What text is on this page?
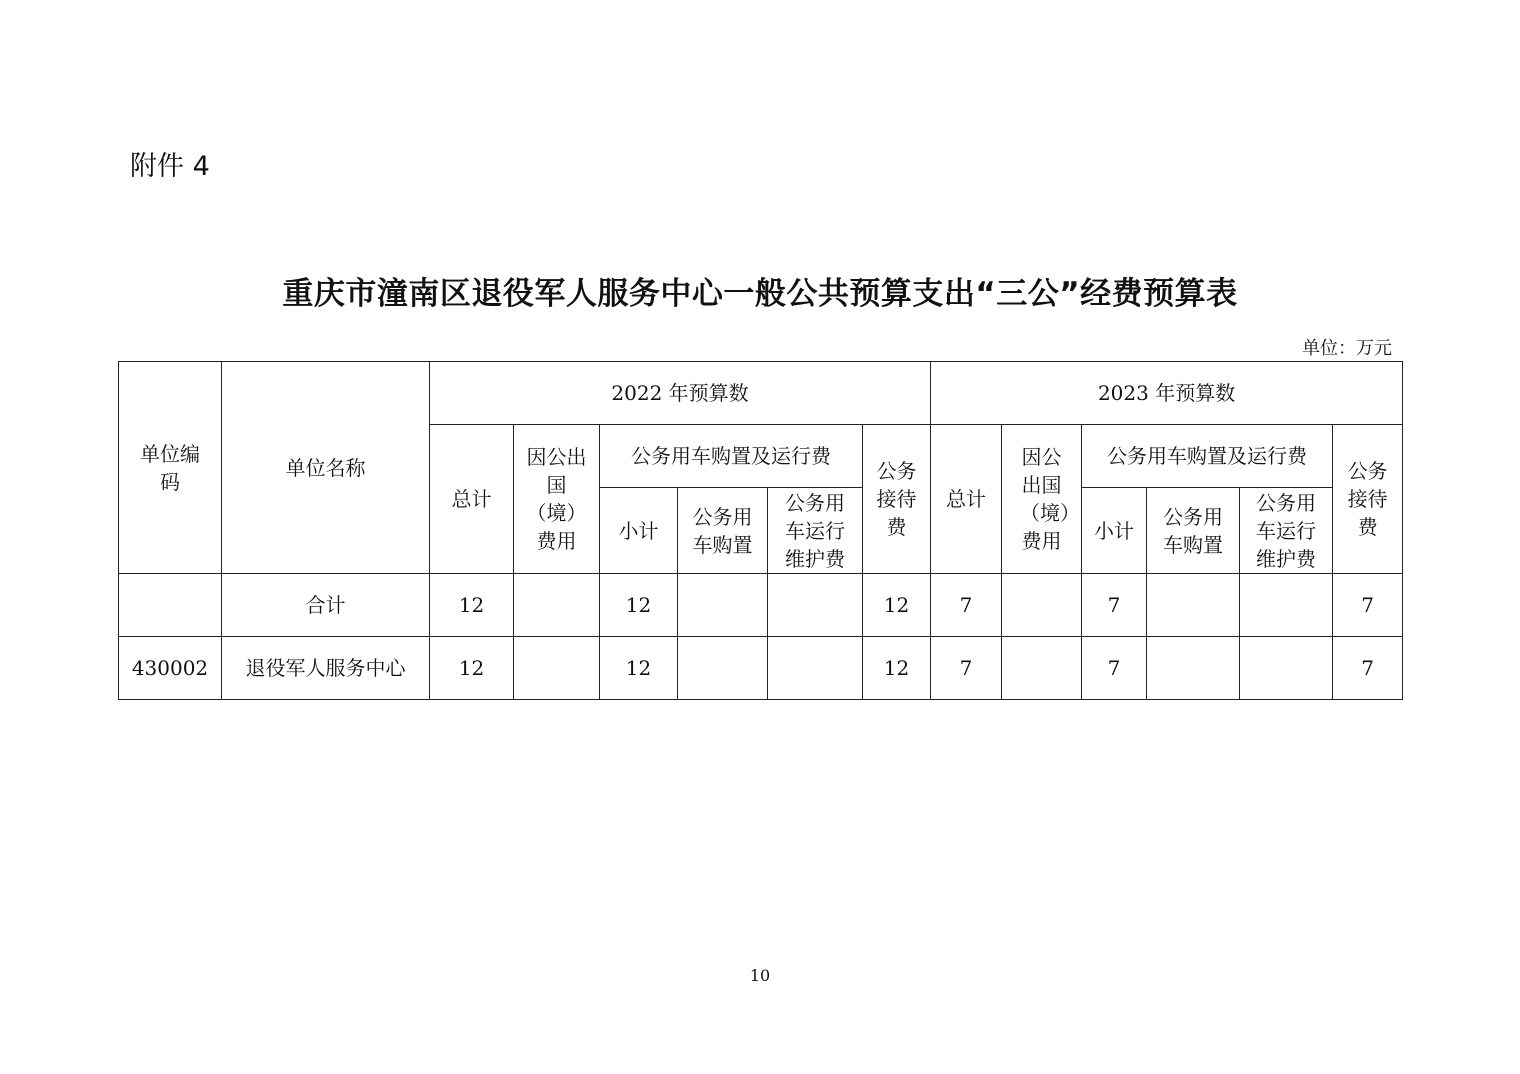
附件 4
重庆市潼南区退役军人服务中心一般公共预算支出“三公”经费预算表
单位：万元
单位编码	单位名称	2022 年预算数						2023 年预算数					
		总计	因公出国（境）费用	公务用车购置及运行费			公务接待费	总计	因公出国（境）费用	公务用车购置及运行费			公务接待费
				小计	公务用车购置	公务用车运行维护费				小计	公务用车购置	公务用车运行维护费	
	合计	12		12			12	7		7			7
430002	退役军人服务中心	12		12			12	7		7			7
10
